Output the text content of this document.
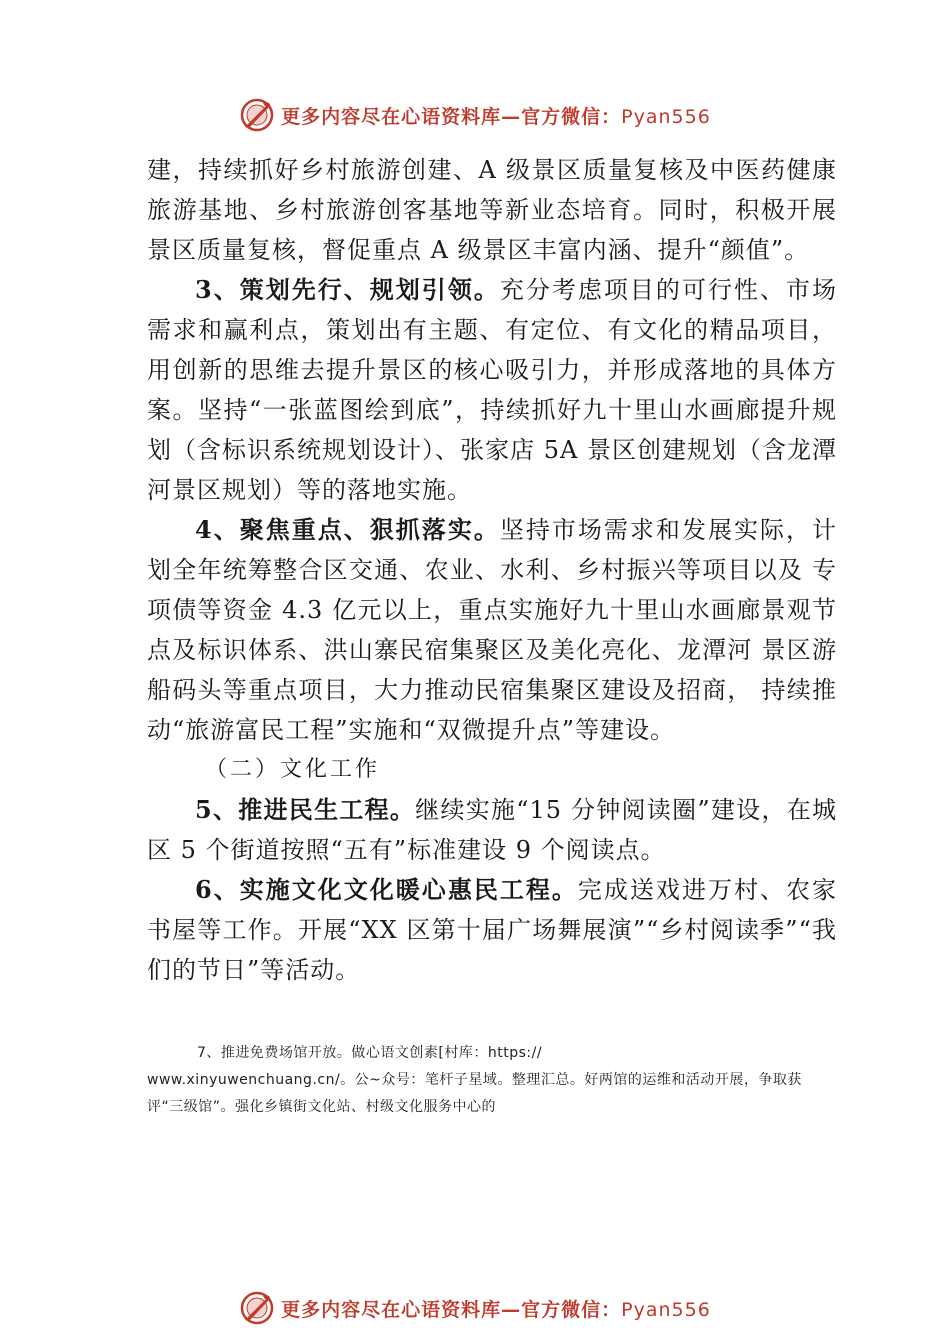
更多内容尽在心语资料库—官方微信：Pyan556

建，持续抓好乡村旅游创建、A 级景区质量复核及中医药健康旅游基地、乡村旅游创客基地等新业态培育。同时，积极开展景区质量复核，督促重点 A 级景区丰富内涵、提升“颜值”。

3、策划先行、规划引领。充分考虑项目的可行性、市场需求和赢利点，策划出有主题、有定位、有文化的精品项目，用创新的思维去提升景区的核心吸引力，并形成落地的具体方案。坚持“一张蓝图绘到底”，持续抓好九十里山水画廊提升规划（含标识系统规划设计）、张家店 5A 景区创建规划（含龙潭河景区规划）等的落地实施。

4、聚焦重点、狠抓落实。坚持市场需求和发展实际，计划全年统筹整合区交通、农业、水利、乡村振兴等项目以及 专项债等资金 4.3 亿元以上，重点实施好九十里山水画廊景观节点及标识体系、洪山寨民宿集聚区及美化亮化、龙潭河 景区游船码头等重点项目，大力推动民宿集聚区建设及招商， 持续推动“旅游富民工程”实施和“双微提升点”等建设。

（二）文化工作

5、推进民生工程。继续实施“15 分钟阅读圈”建设，在城区 5 个街道按照“五有”标准建设 9 个阅读点。

6、实施文化文化暖心惠民工程。完成送戏进万村、农家书屋等工作。开展“XX 区第十届广场舞展演”“乡村阅读季”“我们的节日”等活动。

7、推进免费场馆开放。做心语文创素[村库：https://
www.xinyuwenchuang.cn/。公~众号：笔杆子星域。整理汇总。好两馆的运维和活动开展，争取获评“三级馆”。强化乡镇街文化站、村级文化服务中心的
更多内容尽在心语资料库—官方微信：Pyan556
